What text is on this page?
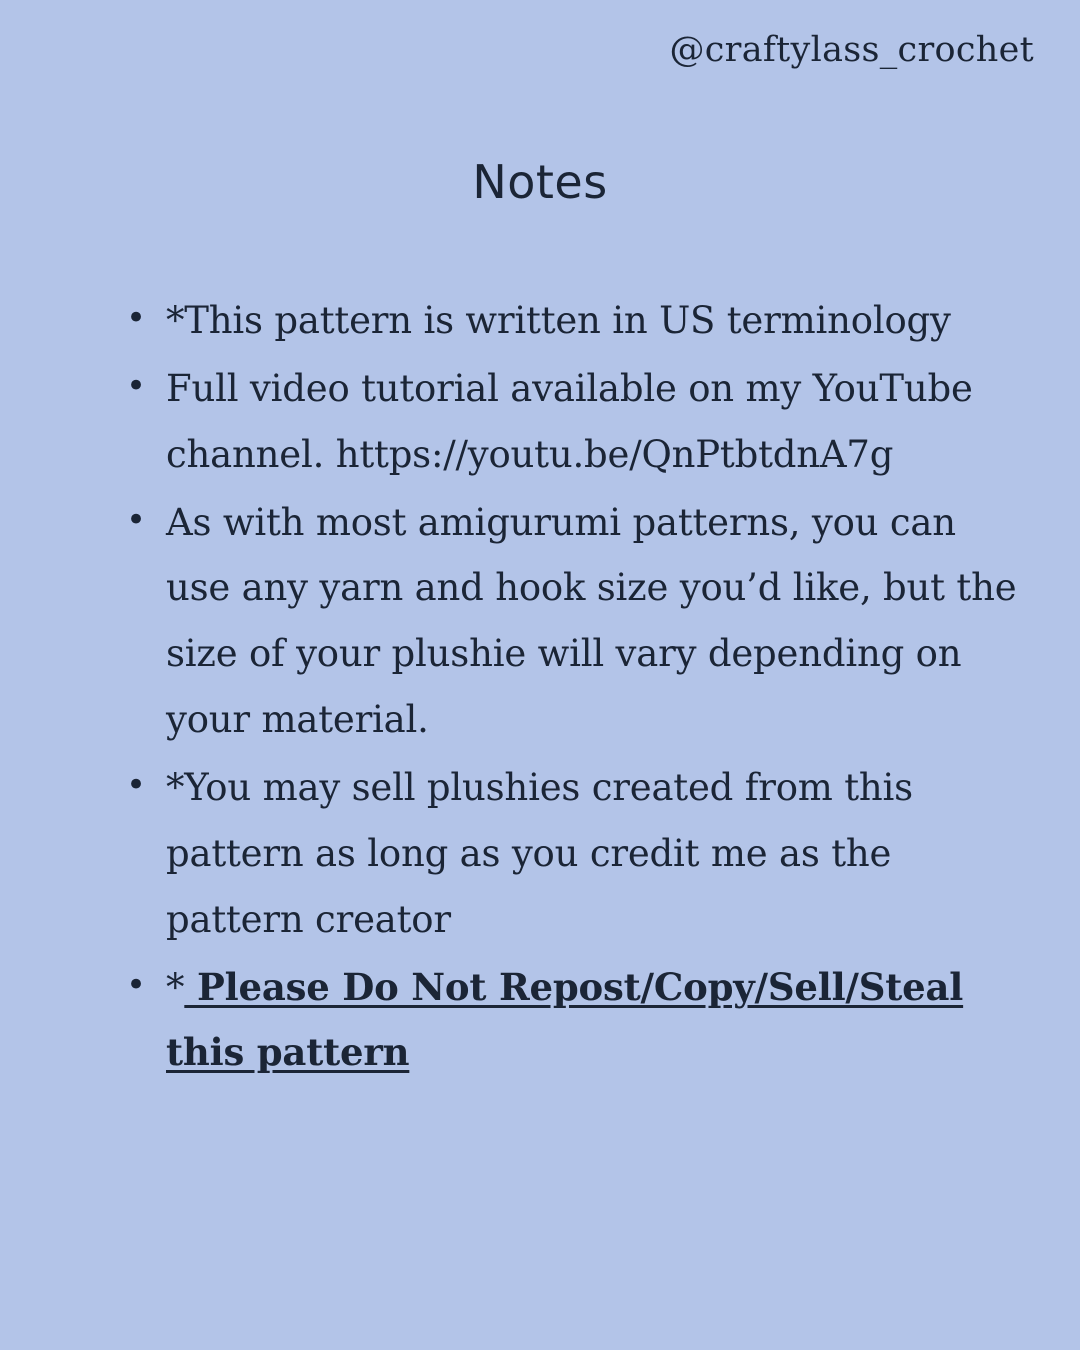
@craftylass_crochet
Notes
• *This pattern is written in US terminology
• Full video tutorial available on my YouTube channel. https://youtu.be/QnPtbtdnA7g
• As with most amigurumi patterns, you can use any yarn and hook size you’d like, but the size of your plushie will vary depending on your material.
• *You may sell plushies created from this pattern as long as you credit me as the pattern creator
• * Please Do Not Repost/Copy/Sell/Steal this pattern
